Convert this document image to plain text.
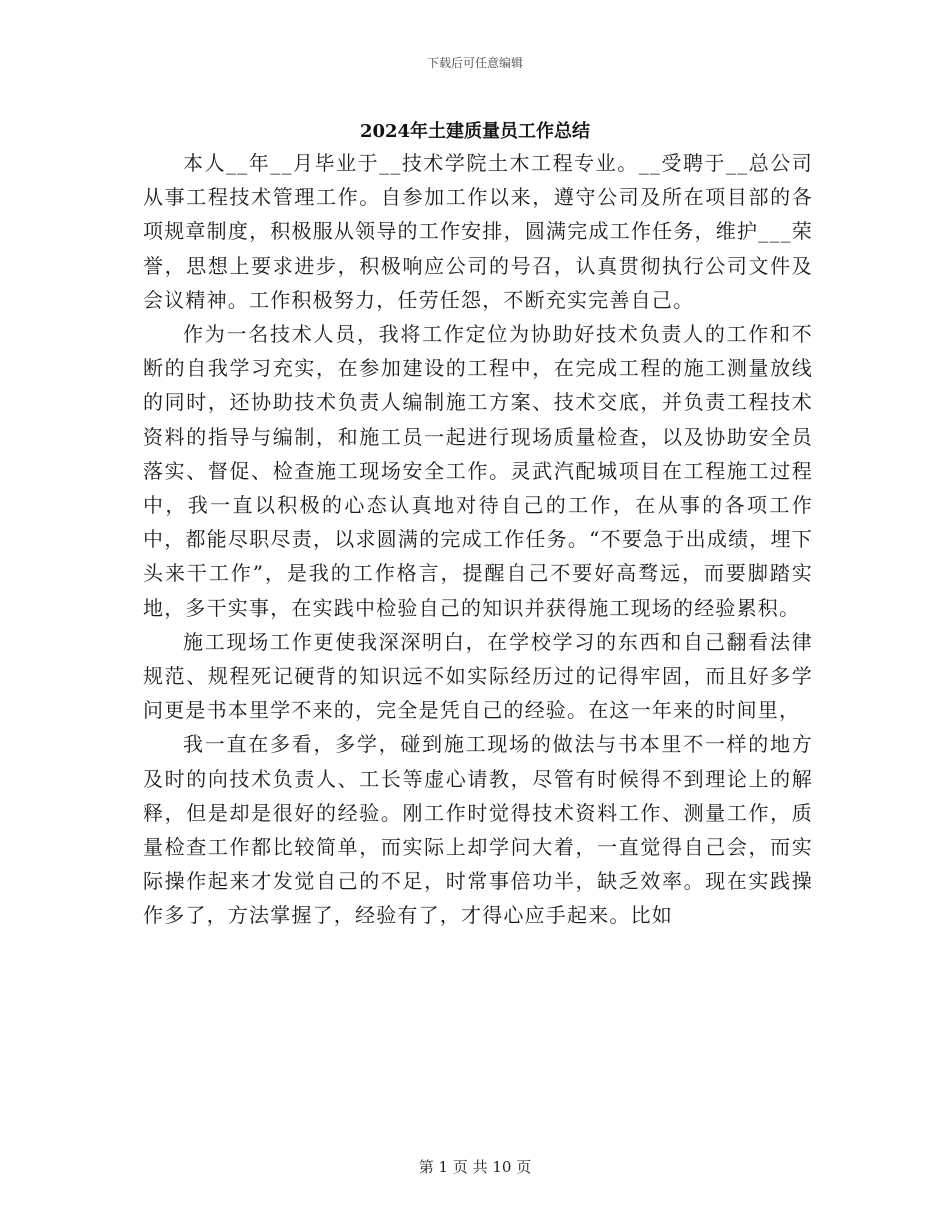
下载后可任意编辑
2024年土建质量员工作总结

本人__年__月毕业于__技术学院土木工程专业。__受聘于__总公司从事工程技术管理工作。自参加工作以来，遵守公司及所在项目部的各项规章制度，积极服从领导的工作安排，圆满完成工作任务，维护___荣誉，思想上要求进步，积极响应公司的号召，认真贯彻执行公司文件及会议精神。工作积极努力，任劳任怨，不断充实完善自己。

作为一名技术人员，我将工作定位为协助好技术负责人的工作和不断的自我学习充实，在参加建设的工程中，在完成工程的施工测量放线的同时，还协助技术负责人编制施工方案、技术交底，并负责工程技术资料的指导与编制，和施工员一起进行现场质量检查，以及协助安全员落实、督促、检查施工现场安全工作。灵武汽配城项目在工程施工过程中，我一直以积极的心态认真地对待自己的工作，在从事的各项工作中，都能尽职尽责，以求圆满的完成工作任务。“不要急于出成绩，埋下头来干工作”，是我的工作格言，提醒自己不要好高骛远，而要脚踏实地，多干实事，在实践中检验自己的知识并获得施工现场的经验累积。

施工现场工作更使我深深明白，在学校学习的东西和自己翻看法律规范、规程死记硬背的知识远不如实际经历过的记得牢固，而且好多学问更是书本里学不来的，完全是凭自己的经验。在这一年来的时间里，

我一直在多看，多学，碰到施工现场的做法与书本里不一样的地方及时的向技术负责人、工长等虚心请教，尽管有时候得不到理论上的解释，但是却是很好的经验。刚工作时觉得技术资料工作、测量工作，质量检查工作都比较简单，而实际上却学问大着，一直觉得自己会，而实际操作起来才发觉自己的不足，时常事倍功半，缺乏效率。现在实践操作多了，方法掌握了，经验有了，才得心应手起来。比如

第 1 页 共 10 页
